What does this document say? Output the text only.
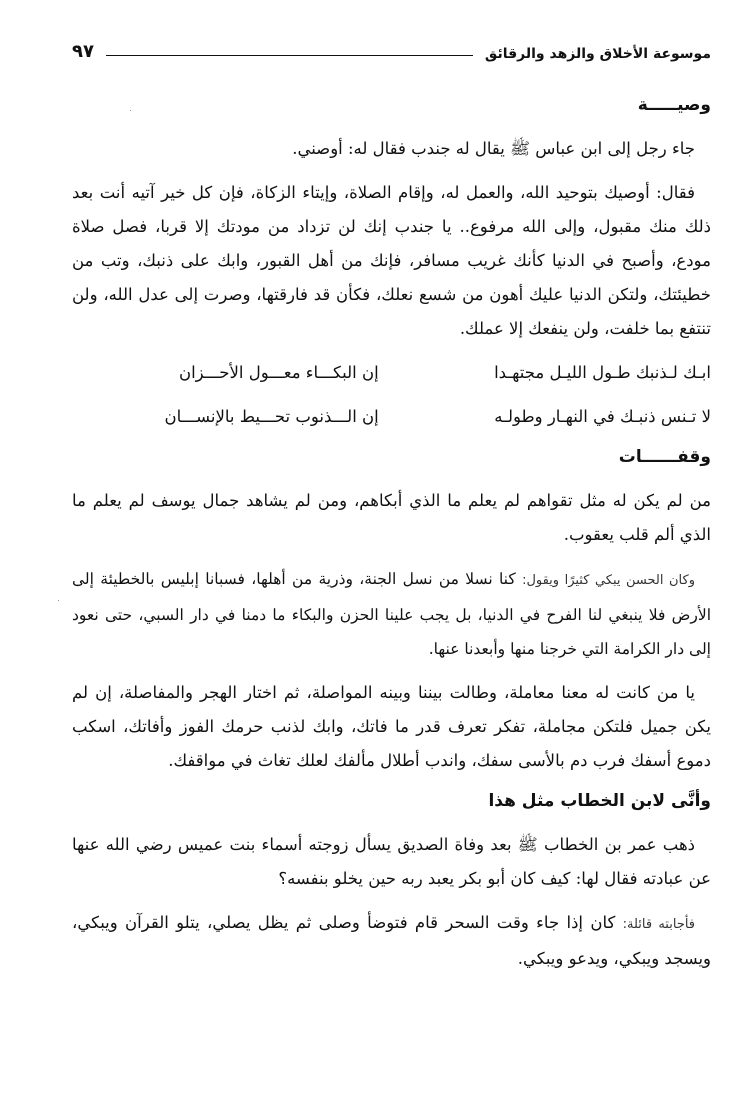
موسوعة الأخلاق والزهد والرقائق
٩٧
وصيـــــة

جاء رجل إلى ابن عباس ﷺ يقال له جندب فقال له: أوصني.

فقال: أوصيك بتوحيد الله، والعمل له، وإقام الصلاة، وإيتاء الزكاة، فإن كل خير آتيه أنت بعد ذلك منك مقبول، وإلى الله مرفوع.. يا جندب إنك لن تزداد من مودتك إلا قربا، فصل صلاة مودع، وأصبح في الدنيا كأنك غريب مسافر، فإنك من أهل القبور، وابك على ذنبك، وتب من خطيئتك، ولتكن الدنيا عليك أهون من شسع نعلك، فكأن قد فارقتها، وصرت إلى عدل الله، ولن تنتفع بما خلفت، ولن ينفعك إلا عملك.

ابـك لـذنبك طـول الليـل مجتهـدا
إن البكـــاء معـــول الأحـــزان
لا تـنس ذنبـك في النهـار وطولـه
إن الـــذنوب تحـــيط بالإنســـان
وقفــــــات

من لم يكن له مثل تقواهم لم يعلم ما الذي أبكاهم، ومن لم يشاهد جمال يوسف لم يعلم ما الذي ألم قلب يعقوب.

وكان الحسن يبكي كثيرًا ويقول: كنا نسلا من نسل الجنة، وذرية من أهلها، فسبانا إبليس بالخطيئة إلى الأرض فلا ينبغي لنا الفرح في الدنيا، بل يجب علينا الحزن والبكاء ما دمنا في دار السبي، حتى نعود إلى دار الكرامة التي خرجنا منها وأبعدنا عنها.

يا من كانت له معنا معاملة، وطالت بيننا وبينه المواصلة، ثم اختار الهجر والمفاصلة، إن لم يكن جميل فلتكن مجاملة، تفكر تعرف قدر ما فاتك، وابك لذنب حرمك الفوز وأفاتك، اسكب دموع أسفك فرب دم بالأسى سفك، واندب أطلال مألفك لعلك تغاث في مواقفك.

وأنَّى لابن الخطاب مثل هذا

ذهب عمر بن الخطاب ﷺ بعد وفاة الصديق يسأل زوجته أسماء بنت عميس رضي الله عنها عن عبادته فقال لها: كيف كان أبو بكر يعبد ربه حين يخلو بنفسه؟

فأجابته قائلة: كان إذا جاء وقت السحر قام فتوضأ وصلى ثم يظل يصلي، يتلو القرآن ويبكي، ويسجد ويبكي، ويدعو ويبكي.
